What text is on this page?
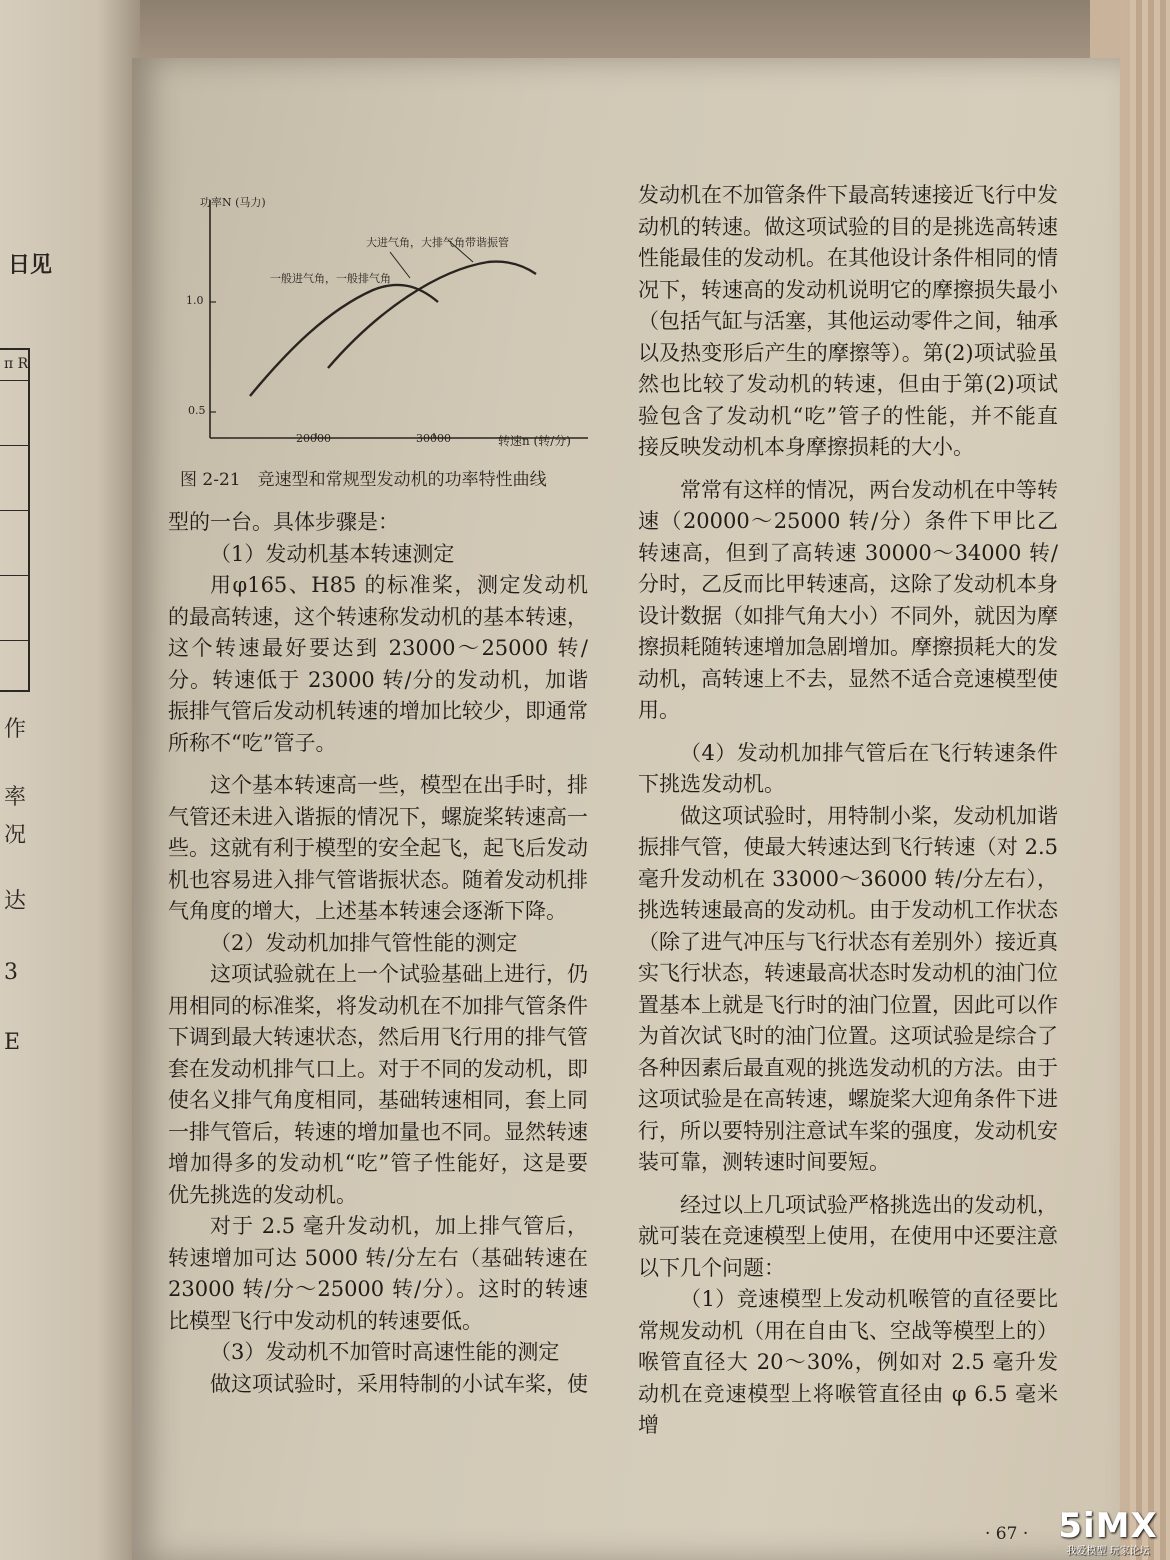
日见
π R
作
率
况
达
3
E
功率N (马力)
1.0
0.5
20000	30000	转速n (转/分)
大进气角，大排气角带谐振管
一般进气角，一般排气角
图 2-21　竞速型和常规型发动机的功率特性曲线

型的一台。具体步骤是：

（1）发动机基本转速测定

用φ165、H85 的标准桨，测定发动机的最高转速，这个转速称发动机的基本转速，这个转速最好要达到 23000～25000 转/分。转速低于 23000 转/分的发动机，加谐振排气管后发动机转速的增加比较少，即通常所称不“吃”管子。

这个基本转速高一些，模型在出手时，排气管还未进入谐振的情况下，螺旋桨转速高一些。这就有利于模型的安全起飞，起飞后发动机也容易进入排气管谐振状态。随着发动机排气角度的增大，上述基本转速会逐渐下降。

（2）发动机加排气管性能的测定

这项试验就在上一个试验基础上进行，仍用相同的标准桨，将发动机在不加排气管条件下调到最大转速状态，然后用飞行用的排气管套在发动机排气口上。对于不同的发动机，即使名义排气角度相同，基础转速相同，套上同一排气管后，转速的增加量也不同。显然转速增加得多的发动机“吃”管子性能好，这是要优先挑选的发动机。

对于 2.5 毫升发动机，加上排气管后，转速增加可达 5000 转/分左右（基础转速在 23000 转/分～25000 转/分）。这时的转速比模型飞行中发动机的转速要低。

（3）发动机不加管时高速性能的测定

做这项试验时，采用特制的小试车桨，使

发动机在不加管条件下最高转速接近飞行中发动机的转速。做这项试验的目的是挑选高转速性能最佳的发动机。在其他设计条件相同的情况下，转速高的发动机说明它的摩擦损失最小（包括气缸与活塞，其他运动零件之间，轴承以及热变形后产生的摩擦等）。第(2)项试验虽然也比较了发动机的转速，但由于第(2)项试验包含了发动机“吃”管子的性能，并不能直接反映发动机本身摩擦损耗的大小。

常常有这样的情况，两台发动机在中等转速（20000～25000 转/分）条件下甲比乙转速高，但到了高转速 30000～34000 转/分时，乙反而比甲转速高，这除了发动机本身设计数据（如排气角大小）不同外，就因为摩擦损耗随转速增加急剧增加。摩擦损耗大的发动机，高转速上不去，显然不适合竞速模型使用。

（4）发动机加排气管后在飞行转速条件下挑选发动机。

做这项试验时，用特制小桨，发动机加谐振排气管，使最大转速达到飞行转速（对 2.5 毫升发动机在 33000～36000 转/分左右），挑选转速最高的发动机。由于发动机工作状态（除了进气冲压与飞行状态有差别外）接近真实飞行状态，转速最高状态时发动机的油门位置基本上就是飞行时的油门位置，因此可以作为首次试飞时的油门位置。这项试验是综合了各种因素后最直观的挑选发动机的方法。由于这项试验是在高转速，螺旋桨大迎角条件下进行，所以要特别注意试车桨的强度，发动机安装可靠，测转速时间要短。

经过以上几项试验严格挑选出的发动机，就可装在竞速模型上使用，在使用中还要注意以下几个问题：

（1）竞速模型上发动机喉管的直径要比常规发动机（用在自由飞、空战等模型上的）喉管直径大 20～30%，例如对 2.5 毫升发动机在竞速模型上将喉管直径由 φ 6.5 毫米增

· 67 · 5iMX
我爱模型 玩家论坛
